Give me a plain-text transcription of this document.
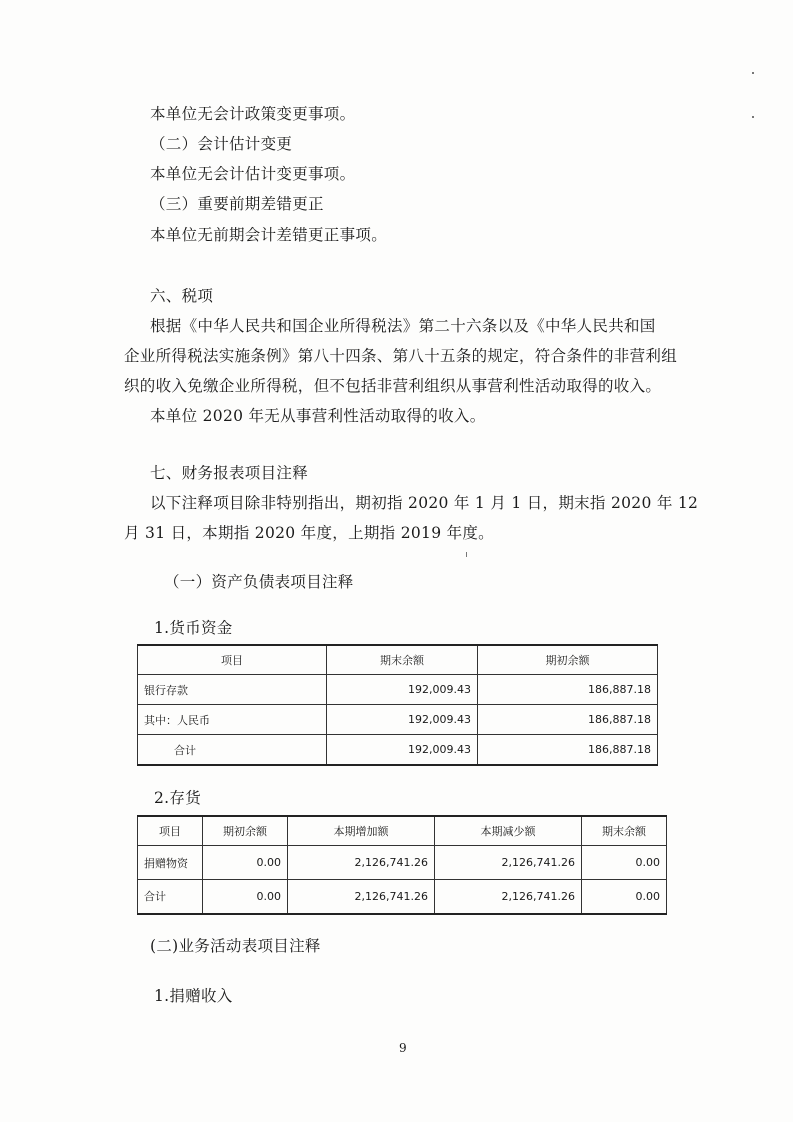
本单位无会计政策变更事项。
（二）会计估计变更
本单位无会计估计变更事项。
（三）重要前期差错更正
本单位无前期会计差错更正事项。
六、税项
根据《中华人民共和国企业所得税法》第二十六条以及《中华人民共和国
企业所得税法实施条例》第八十四条、第八十五条的规定，符合条件的非营利组
织的收入免缴企业所得税，但不包括非营利组织从事营利性活动取得的收入。
本单位 2020 年无从事营利性活动取得的收入。
七、财务报表项目注释
以下注释项目除非特别指出，期初指 2020 年 1 月 1 日，期末指 2020 年 12
月 31 日，本期指 2020 年度，上期指 2019 年度。
（一）资产负债表项目注释
1.货币资金
项目	期末余额	期初余额
银行存款	192,009.43	186,887.18
其中：人民币	192,009.43	186,887.18
合计	192,009.43	186,887.18
2.存货
项目	期初余额	本期增加额	本期减少额	期末余额
捐赠物资	0.00	2,126,741.26	2,126,741.26	0.00
合计	0.00	2,126,741.26	2,126,741.26	0.00
(二)业务活动表项目注释
1.捐赠收入
9
